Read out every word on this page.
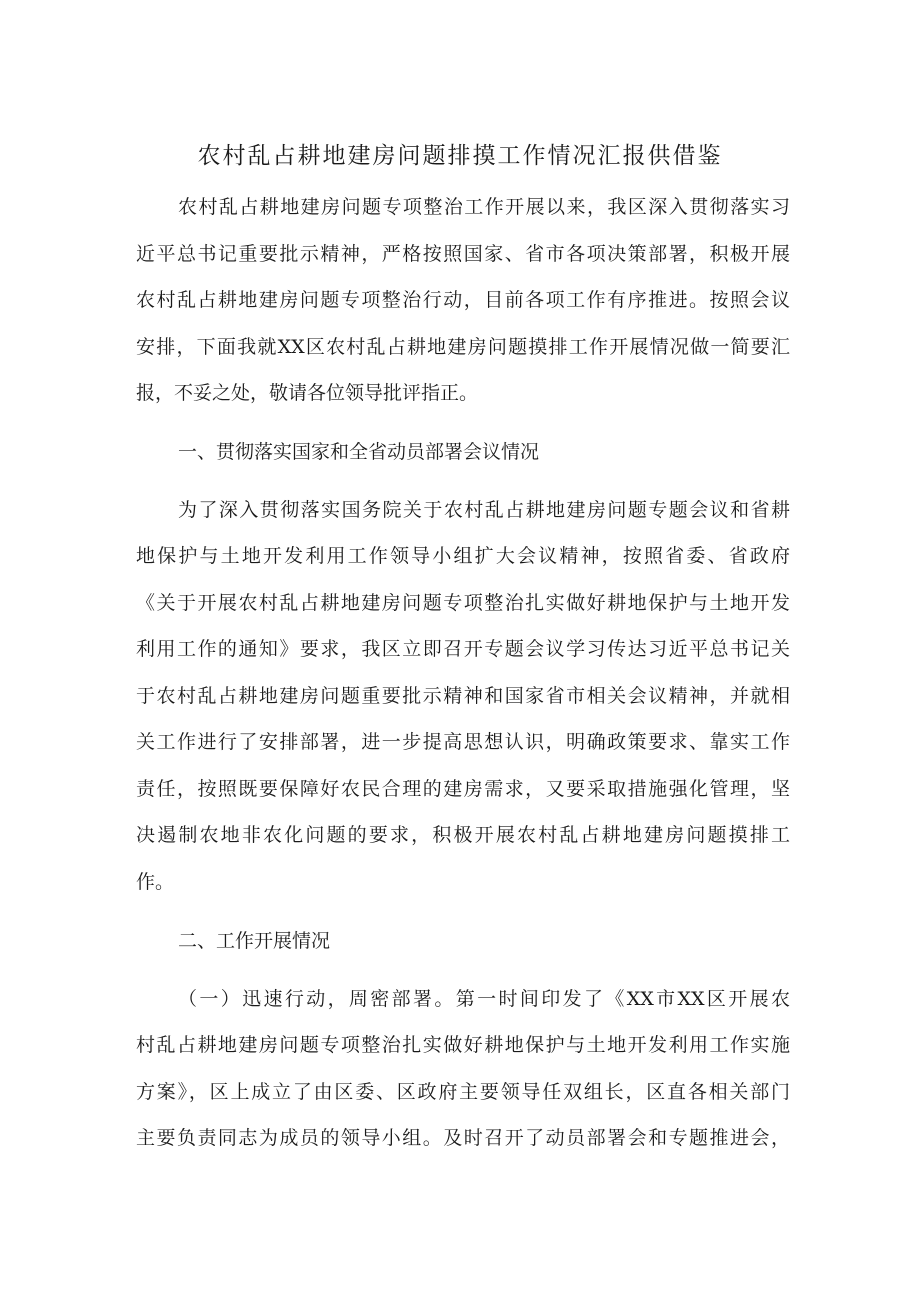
农村乱占耕地建房问题排摸工作情况汇报供借鉴
农村乱占耕地建房问题专项整治工作开展以来，我区深入贯彻落实习
近平总书记重要批示精神，严格按照国家、省市各项决策部署，积极开展
农村乱占耕地建房问题专项整治行动，目前各项工作有序推进。按照会议
安排，下面我就XX区农村乱占耕地建房问题摸排工作开展情况做一简要汇
报，不妥之处，敬请各位领导批评指正。
一、贯彻落实国家和全省动员部署会议情况
为了深入贯彻落实国务院关于农村乱占耕地建房问题专题会议和省耕
地保护与土地开发利用工作领导小组扩大会议精神，按照省委、省政府
《关于开展农村乱占耕地建房问题专项整治扎实做好耕地保护与土地开发
利用工作的通知》要求，我区立即召开专题会议学习传达习近平总书记关
于农村乱占耕地建房问题重要批示精神和国家省市相关会议精神，并就相
关工作进行了安排部署，进一步提高思想认识，明确政策要求、靠实工作
责任，按照既要保障好农民合理的建房需求，又要采取措施强化管理，坚
决遏制农地非农化问题的要求，积极开展农村乱占耕地建房问题摸排工
作。
二、工作开展情况
（一）迅速行动，周密部署。第一时间印发了《XX市XX区开展农
村乱占耕地建房问题专项整治扎实做好耕地保护与土地开发利用工作实施
方案》，区上成立了由区委、区政府主要领导任双组长，区直各相关部门
主要负责同志为成员的领导小组。及时召开了动员部署会和专题推进会，
